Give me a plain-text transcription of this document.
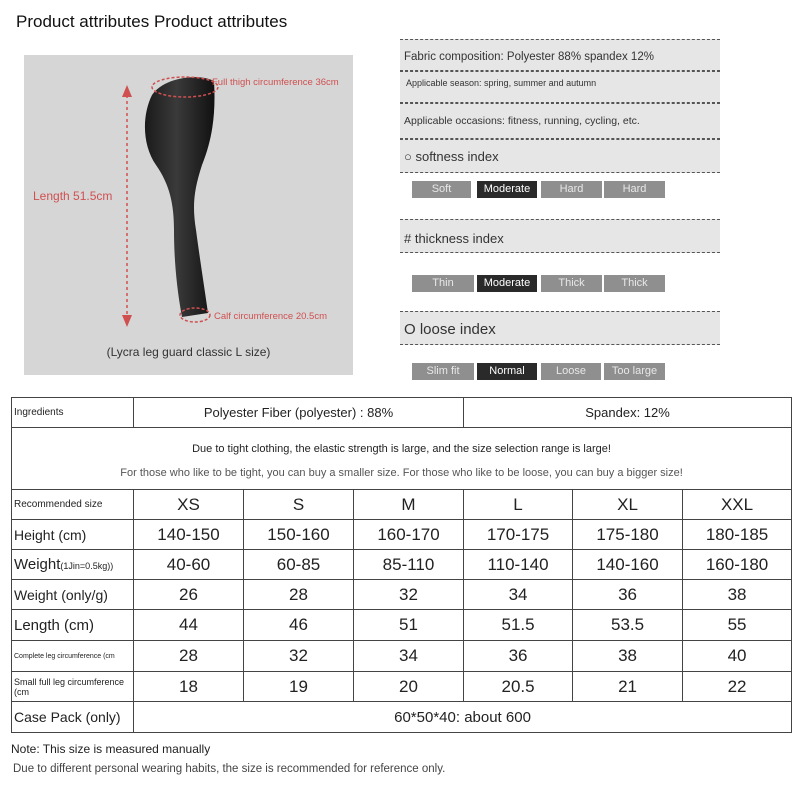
Product attributes Product attributes
Full thigh circumference 36cm
Length 51.5cm
Calf circumference 20.5cm
(Lycra leg guard classic L size)
Fabric composition: Polyester 88% spandex 12%
Applicable season: spring, summer and autumn
Applicable occasions: fitness, running, cycling, etc.
○ softness index
Soft	Moderate	Hard	Hard
# thickness index
Thin	Moderate	Thick	Thick
O loose index
Slim fit	Normal	Loose	Too large
Ingredients	Polyester Fiber (polyester) : 88%			Spandex: 12%		

Due to tight clothing, the elastic strength is large, and the size selection range is large!
For those who like to be tight, you can buy a smaller size. For those who like to be loose, you can buy a bigger size!						

Recommended size	XS	S	M	L	XL	XXL
Height (cm)	140-150	150-160	160-170	170-175	175-180	180-185
Weight(1Jin=0.5kg))	40-60	60-85	85-110	110-140	140-160	160-180
Weight (only/g)	26	28	32	34	36	38
Length (cm)	44	46	51	51.5	53.5	55
Complete leg circumference (cm	28	32	34	36	38	40
Small full leg circumference (cm	18	19	20	20.5	21	22
Case Pack (only)	60*50*40: about 600					
Note: This size is measured manually
Due to different personal wearing habits, the size is recommended for reference only.
